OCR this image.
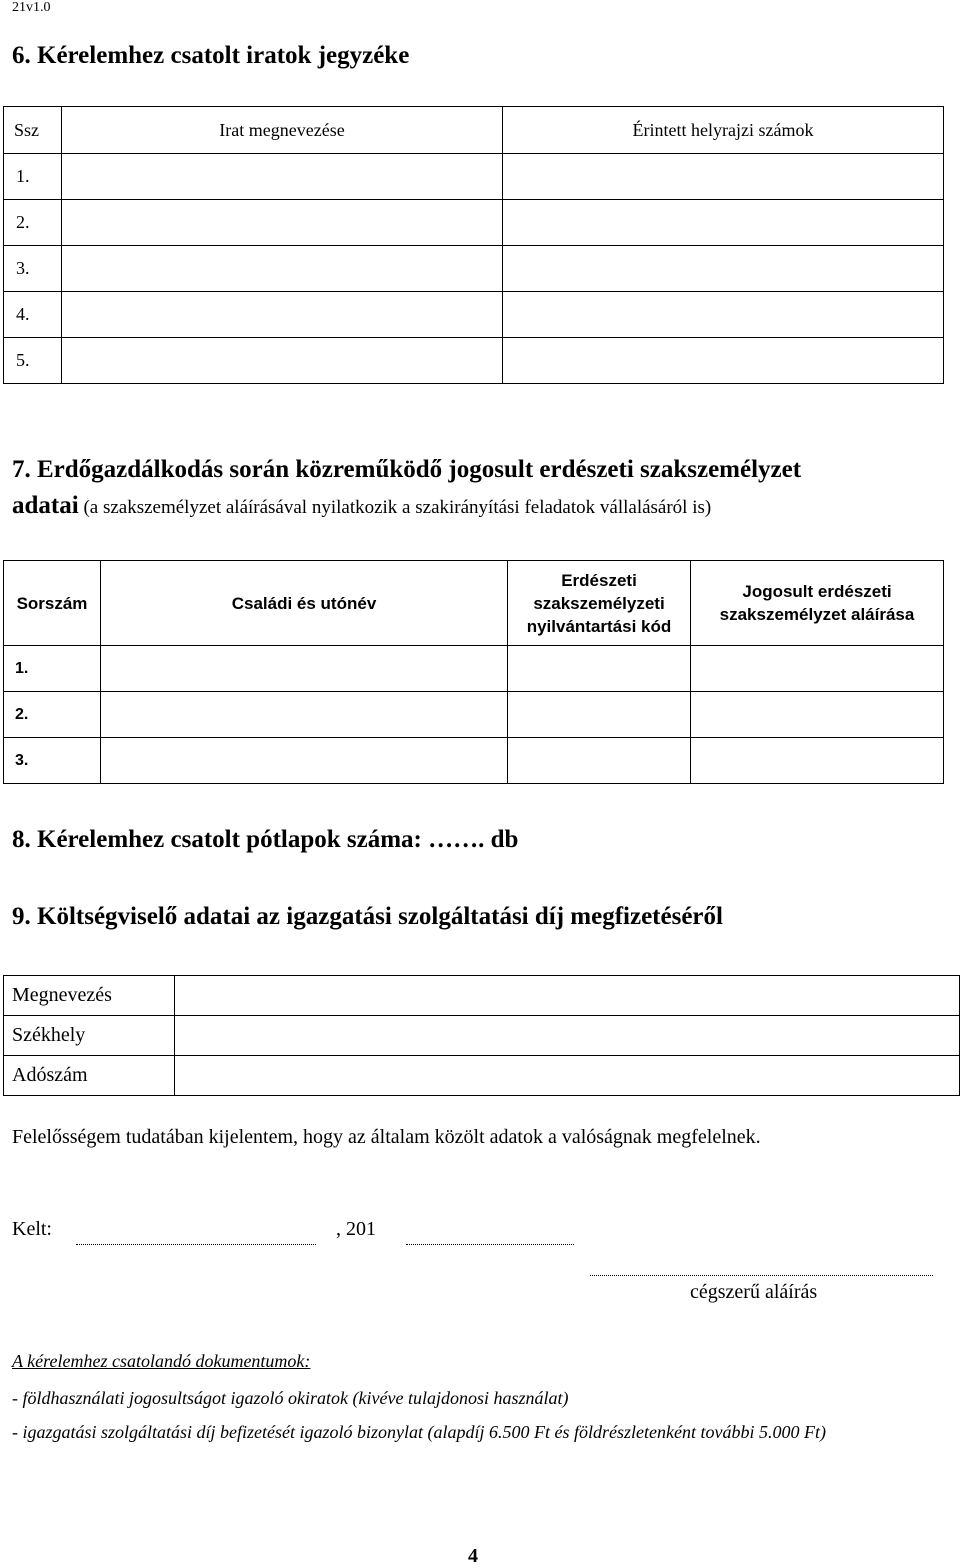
21v1.0
6. Kérelemhez csatolt iratok jegyzéke
Ssz	Irat megnevezése	Érintett helyrajzi számok
1.		
2.		
3.		
4.		
5.		
7. Erdőgazdálkodás során közreműködő jogosult erdészeti szakszemélyzet
adatai (a szakszemélyzet aláírásával nyilatkozik a szakirányítási feladatok vállalásáról is)
Sorszám	Családi és utónév	Erdészeti szakszemélyzeti nyilvántartási kód	Jogosult erdészeti szakszemélyzet aláírása
1.			
2.			
3.			
8. Kérelemhez csatolt pótlapok száma: ……. db
9. Költségviselő adatai az igazgatási szolgáltatási díj megfizetéséről
Megnevezés	
Székhely	
Adószám	
Felelősségem tudatában kijelentem, hogy az általam közölt adatok a valóságnak megfelelnek.
Kelt:	, 201
cégszerű aláírás
A kérelemhez csatolandó dokumentumok:
- földhasználati jogosultságot igazoló okiratok (kivéve tulajdonosi használat)
- igazgatási szolgáltatási díj befizetését igazoló bizonylat (alapdíj 6.500 Ft és földrészletenként további 5.000 Ft)
4
